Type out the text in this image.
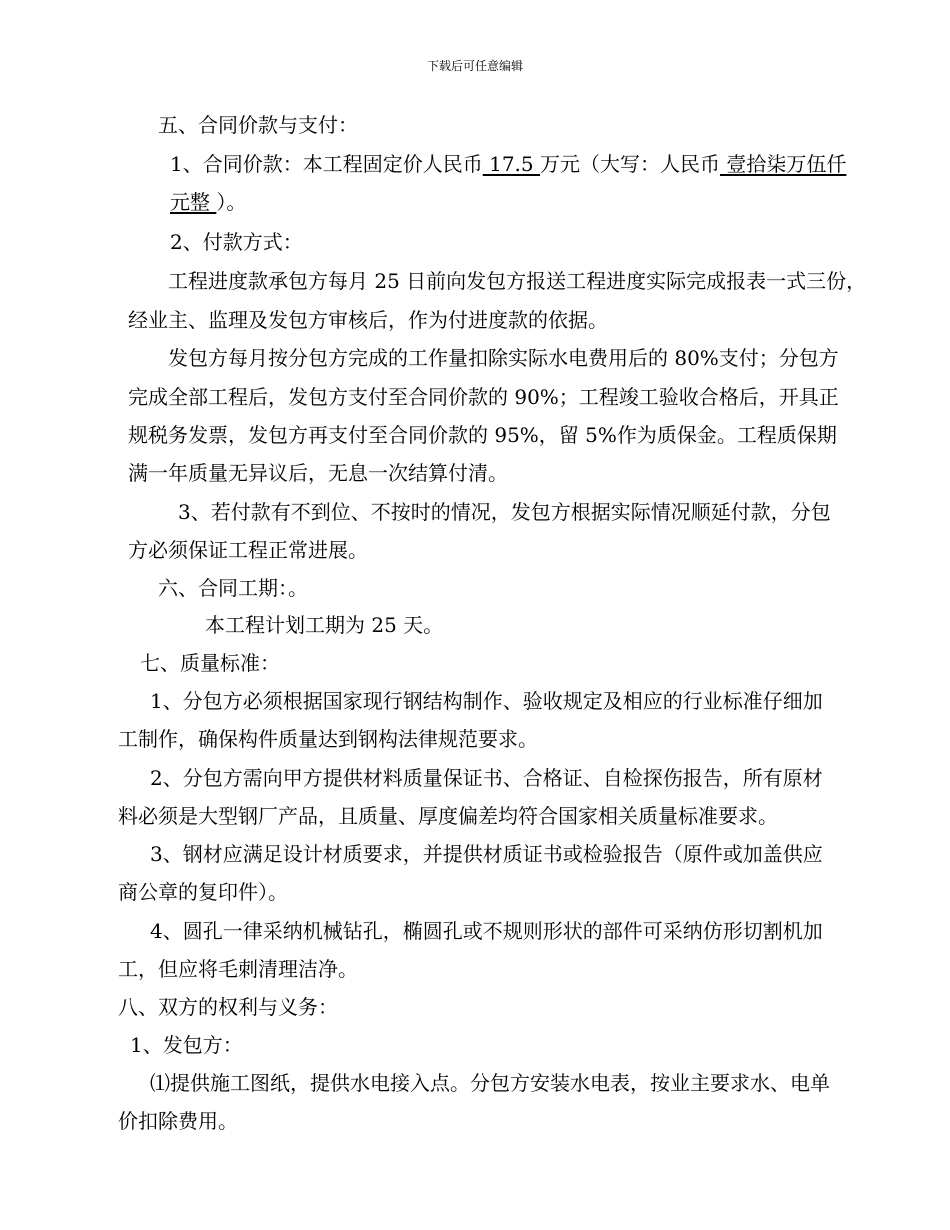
下载后可任意编辑
五、合同价款与支付：
1、合同价款：本工程固定价人民币 17.5 万元（大写：人民币 壹拾柒万伍仟
元整 ）。
2、付款方式：
工程进度款承包方每月 25 日前向发包方报送工程进度实际完成报表一式三份，
经业主、监理及发包方审核后，作为付进度款的依据。
发包方每月按分包方完成的工作量扣除实际水电费用后的 80%支付；分包方
完成全部工程后，发包方支付至合同价款的 90%；工程竣工验收合格后，开具正
规税务发票，发包方再支付至合同价款的 95%，留 5%作为质保金。工程质保期
满一年质量无异议后，无息一次结算付清。
3、若付款有不到位、不按时的情况，发包方根据实际情况顺延付款，分包
方必须保证工程正常进展。
六、合同工期：。
本工程计划工期为 25 天。
七、质量标准：
1、分包方必须根据国家现行钢结构制作、验收规定及相应的行业标准仔细加
工制作，确保构件质量达到钢构法律规范要求。
2、分包方需向甲方提供材料质量保证书、合格证、自检探伤报告，所有原材
料必须是大型钢厂产品，且质量、厚度偏差均符合国家相关质量标准要求。
3、钢材应满足设计材质要求，并提供材质证书或检验报告（原件或加盖供应
商公章的复印件）。
4、圆孔一律采纳机械钻孔，椭圆孔或不规则形状的部件可采纳仿形切割机加
工，但应将毛刺清理洁净。
八、双方的权利与义务：
1、发包方：
⑴提供施工图纸，提供水电接入点。分包方安装水电表，按业主要求水、电单
价扣除费用。
